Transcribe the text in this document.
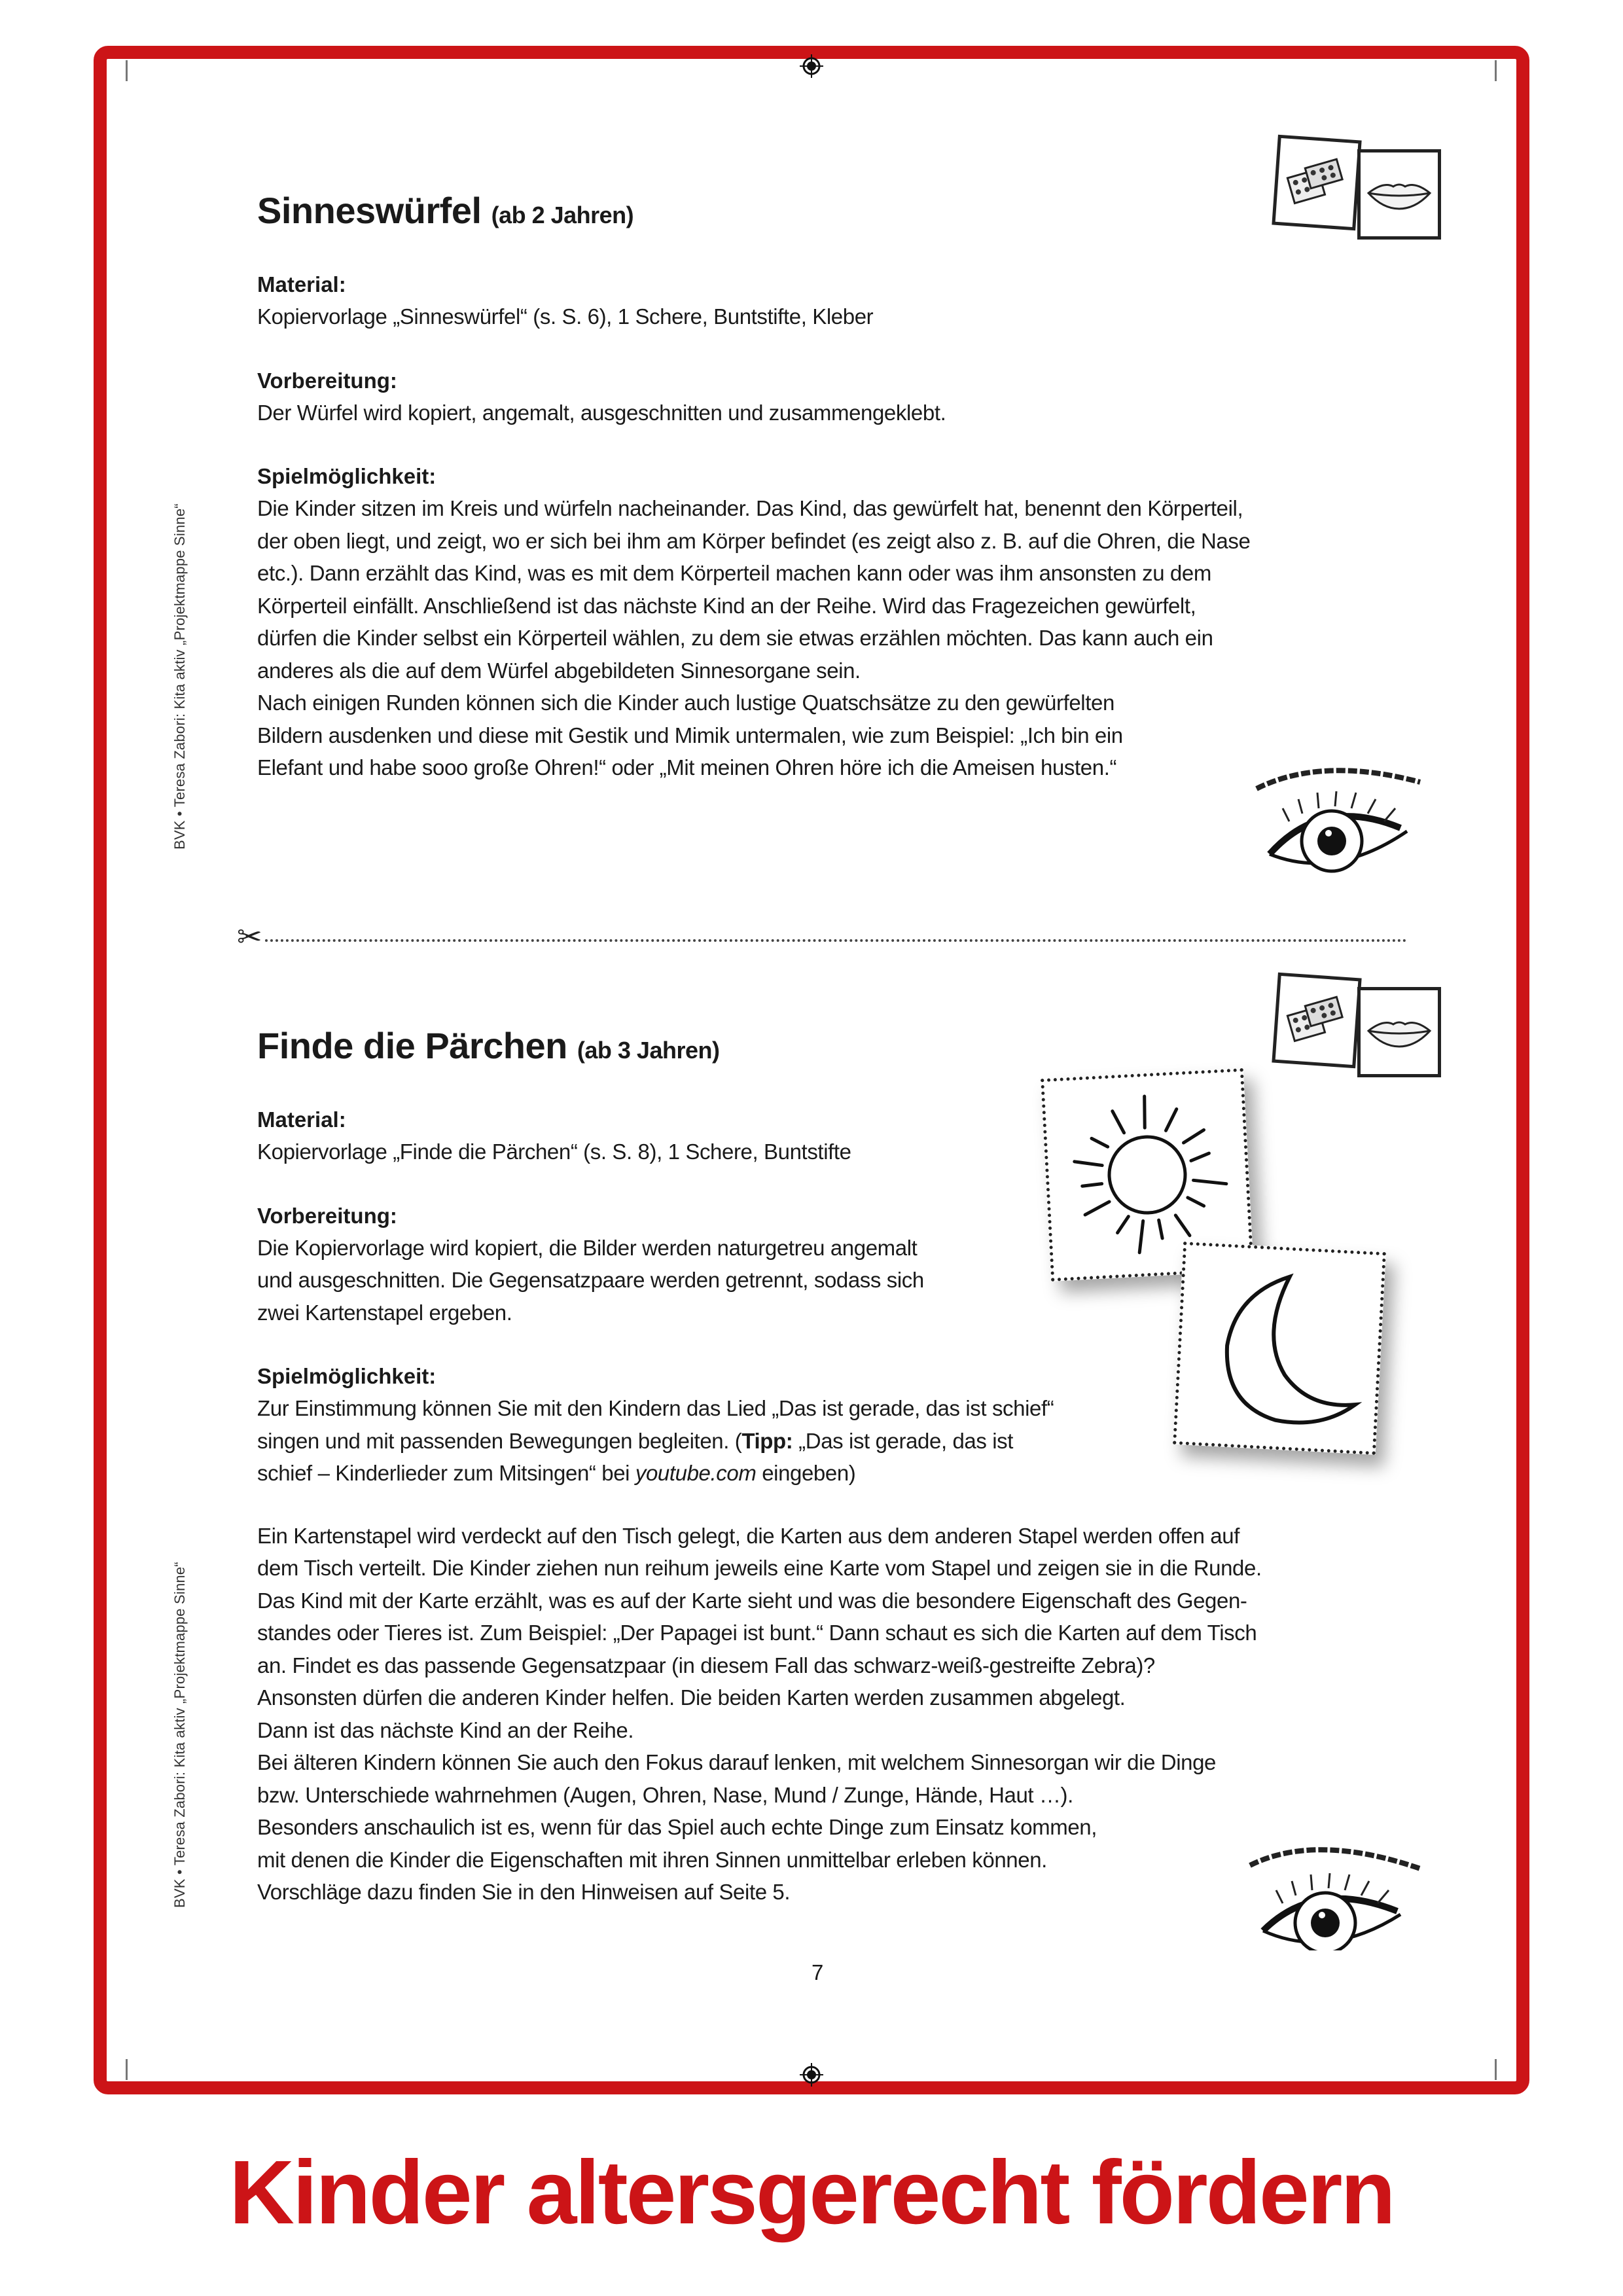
BVK • Teresa Zabori: Kita aktiv „Projektmappe Sinne“
BVK • Teresa Zabori: Kita aktiv „Projektmappe Sinne“
Sinneswürfel (ab 2 Jahren)

Material:

Kopiervorlage „Sinneswürfel“ (s. S. 6), 1 Schere, Buntstifte, Kleber

Vorbereitung:

Der Würfel wird kopiert, angemalt, ausgeschnitten und zusammengeklebt.

Spielmöglichkeit:

Die Kinder sitzen im Kreis und würfeln nacheinander. Das Kind, das gewürfelt hat, benennt den Körperteil,

der oben liegt, und zeigt, wo er sich bei ihm am Körper befindet (es zeigt also z. B. auf die Ohren, die Nase

etc.). Dann erzählt das Kind, was es mit dem Körperteil machen kann oder was ihm ansonsten zu dem

Körperteil einfällt. Anschließend ist das nächste Kind an der Reihe. Wird das Fragezeichen gewürfelt,

dürfen die Kinder selbst ein Körperteil wählen, zu dem sie etwas erzählen möchten. Das kann auch ein

anderes als die auf dem Würfel abgebildeten Sinnesorgane sein.

Nach einigen Runden können sich die Kinder auch lustige Quatschsätze zu den gewürfelten

Bildern ausdenken und diese mit Gestik und Mimik untermalen, wie zum Beispiel: „Ich bin ein

Elefant und habe sooo große Ohren!“ oder „Mit meinen Ohren höre ich die Ameisen husten.“

✂
Finde die Pärchen (ab 3 Jahren)

Material:

Kopiervorlage „Finde die Pärchen“ (s. S. 8), 1 Schere, Buntstifte

Vorbereitung:

Die Kopiervorlage wird kopiert, die Bilder werden naturgetreu angemalt

und ausgeschnitten. Die Gegensatzpaare werden getrennt, sodass sich

zwei Kartenstapel ergeben.

Spielmöglichkeit:

Zur Einstimmung können Sie mit den Kindern das Lied „Das ist gerade, das ist schief“

singen und mit passenden Bewegungen begleiten. (Tipp: „Das ist gerade, das ist

schief – Kinderlieder zum Mitsingen“ bei youtube.com eingeben)

Ein Kartenstapel wird verdeckt auf den Tisch gelegt, die Karten aus dem anderen Stapel werden offen auf

dem Tisch verteilt. Die Kinder ziehen nun reihum jeweils eine Karte vom Stapel und zeigen sie in die Runde.

Das Kind mit der Karte erzählt, was es auf der Karte sieht und was die besondere Eigenschaft des Gegen-

standes oder Tieres ist. Zum Beispiel: „Der Papagei ist bunt.“ Dann schaut es sich die Karten auf dem Tisch

an. Findet es das passende Gegensatzpaar (in diesem Fall das schwarz-weiß-gestreifte Zebra)?

Ansonsten dürfen die anderen Kinder helfen. Die beiden Karten werden zusammen abgelegt.

Dann ist das nächste Kind an der Reihe.

Bei älteren Kindern können Sie auch den Fokus darauf lenken, mit welchem Sinnesorgan wir die Dinge

bzw. Unterschiede wahrnehmen (Augen, Ohren, Nase, Mund / Zunge, Hände, Haut …).

Besonders anschaulich ist es, wenn für das Spiel auch echte Dinge zum Einsatz kommen,

mit denen die Kinder die Eigenschaften mit ihren Sinnen unmittelbar erleben können.

Vorschläge dazu finden Sie in den Hinweisen auf Seite 5.

7
Kinder altersgerecht fördern
